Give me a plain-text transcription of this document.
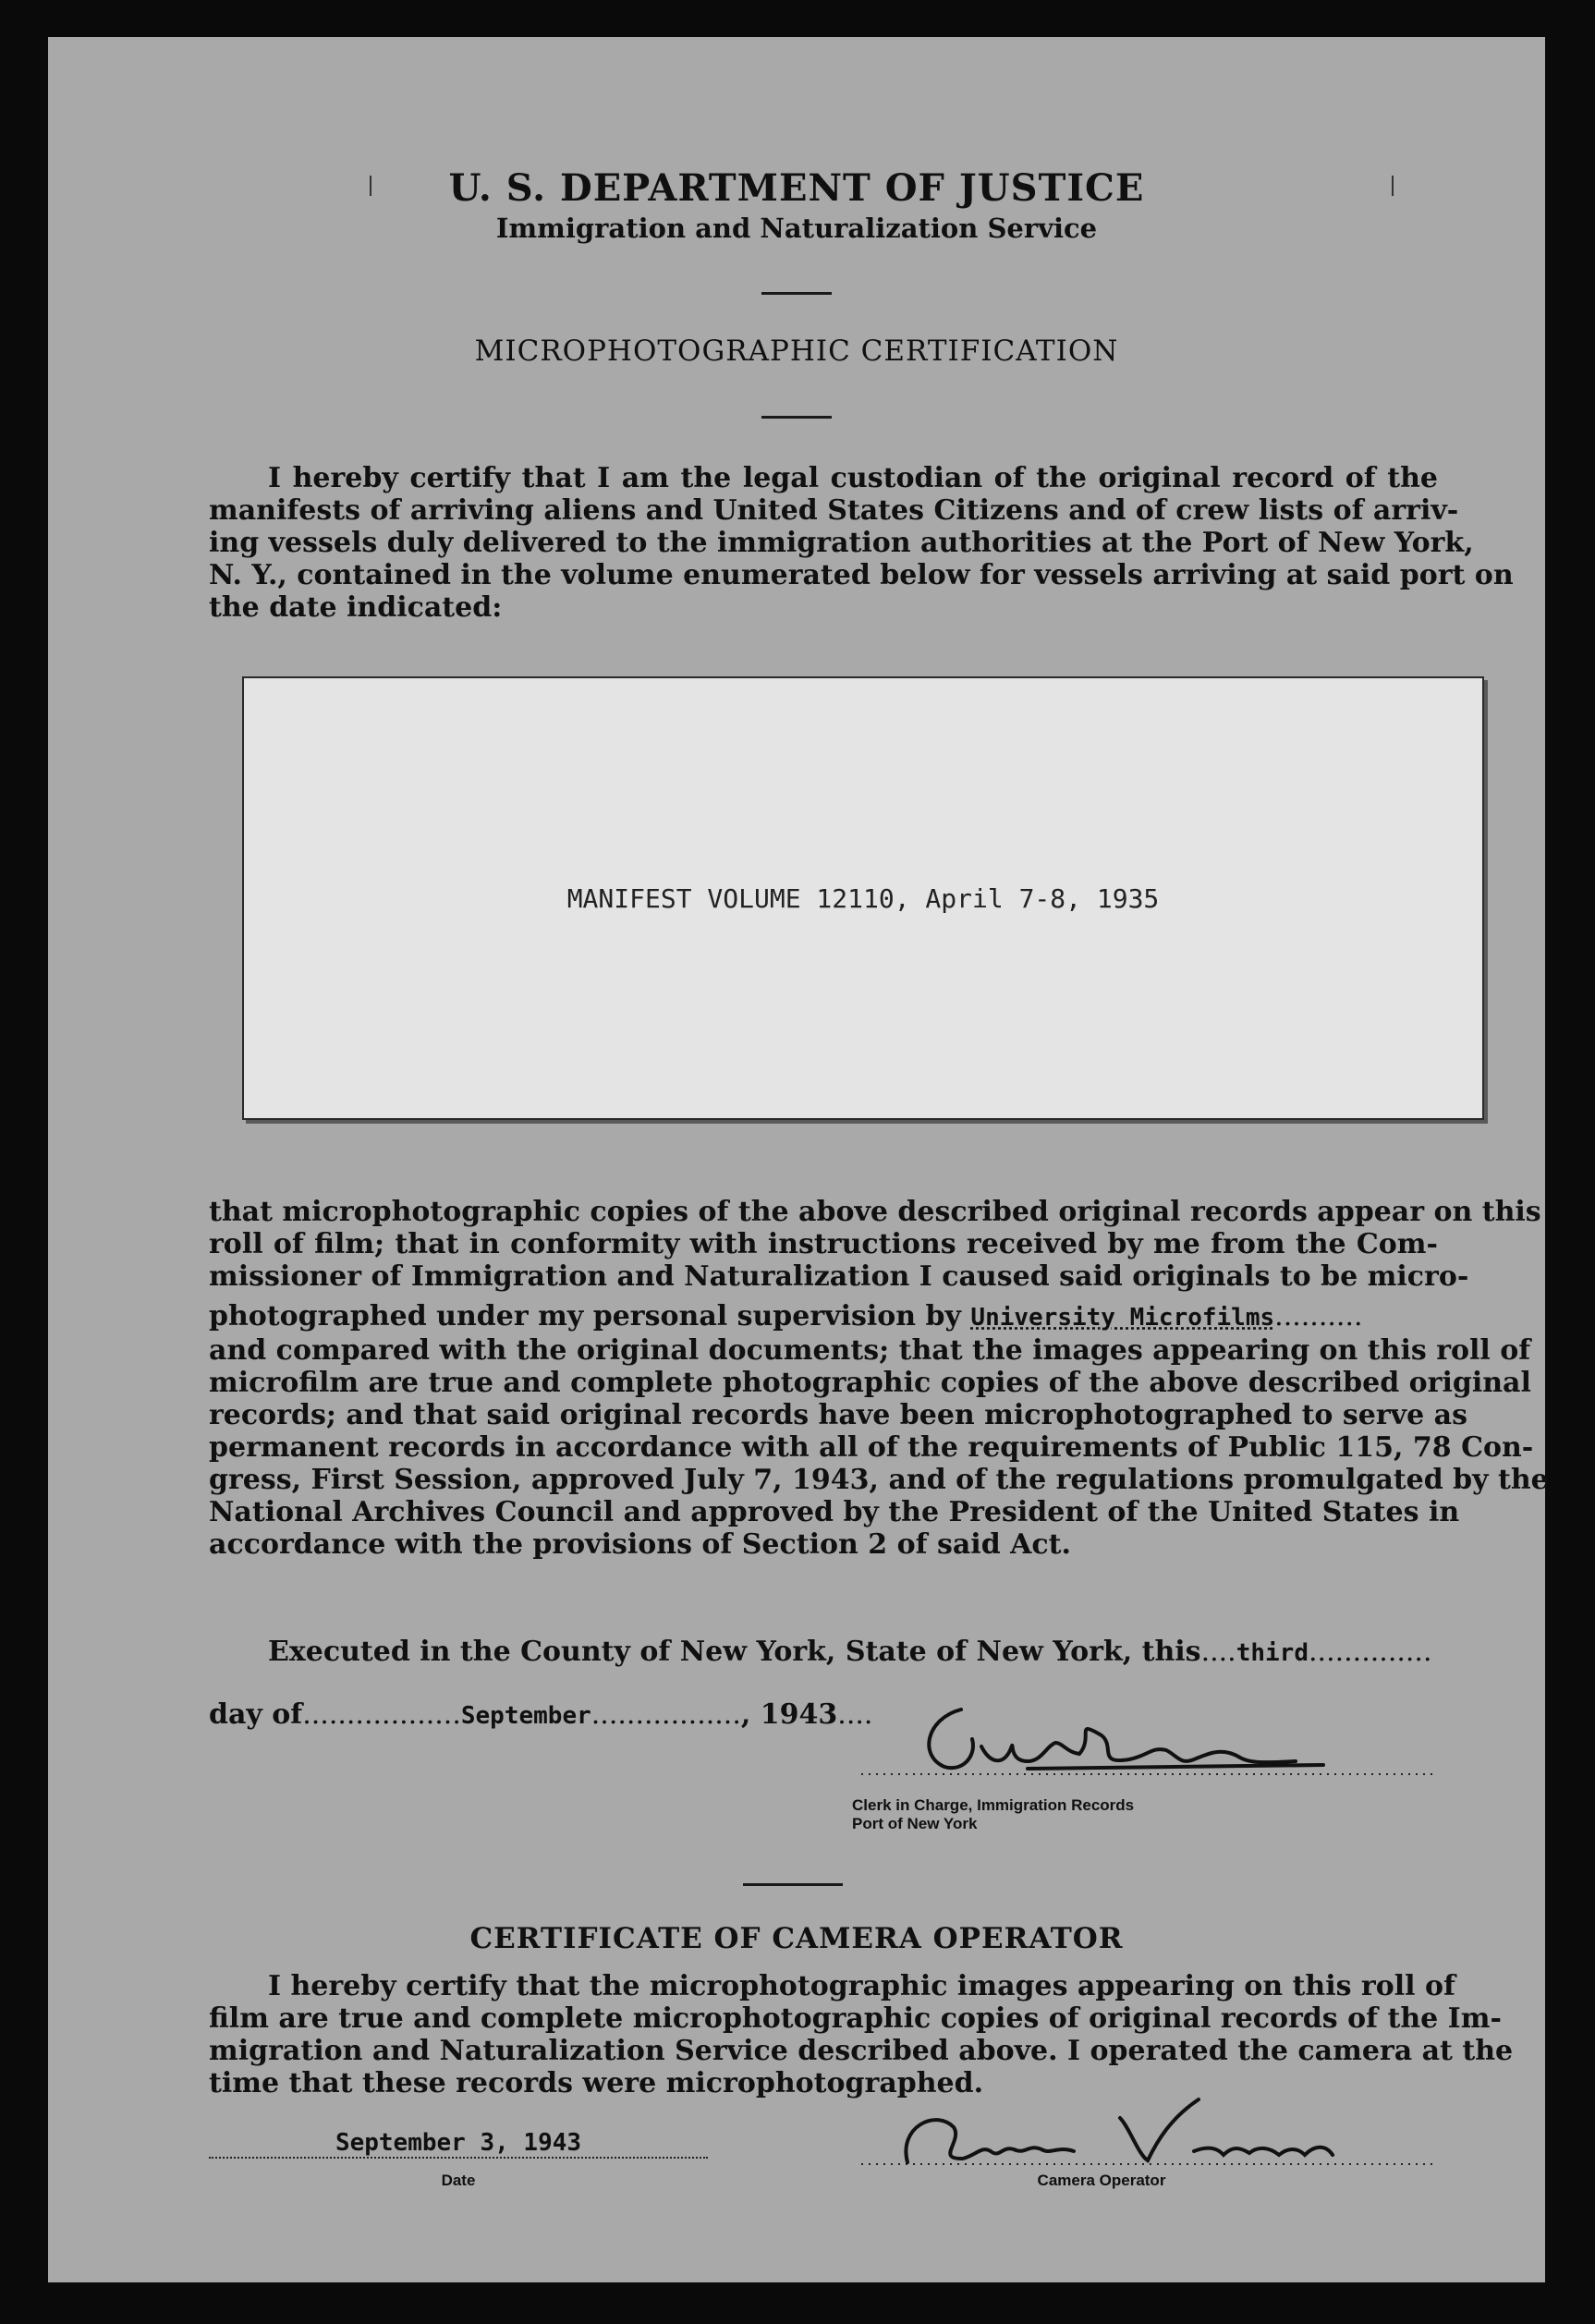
U. S. DEPARTMENT OF JUSTICE
Immigration and Naturalization Service
MICROPHOTOGRAPHIC CERTIFICATION
I hereby certify that I am the legal custodian of the original record of the
manifests of arriving aliens and United States Citizens and of crew lists of arriv-
ing vessels duly delivered to the immigration authorities at the Port of New York,
N. Y., contained in the volume enumerated below for vessels arriving at said port on
the date indicated:
MANIFEST VOLUME 12110, April 7-8, 1935
that microphotographic copies of the above described original records appear on this
roll of film; that in conformity with instructions received by me from the Com-
missioner of Immigration and Naturalization I caused said originals to be micro-
photographed under my personal supervision by University Microfilms..........
and compared with the original documents; that the images appearing on this roll of
microfilm are true and complete photographic copies of the above described original
records; and that said original records have been microphotographed to serve as
permanent records in accordance with all of the requirements of Public 115, 78 Con-
gress, First Session, approved July 7, 1943, and of the regulations promulgated by the
National Archives Council and approved by the President of the United States in
accordance with the provisions of Section 2 of said Act.
Executed in the County of New York, State of New York, this....third..............
day of..................September................., 1943....
Clerk in Charge, Immigration Records
Port of New York
CERTIFICATE OF CAMERA OPERATOR
I hereby certify that the microphotographic images appearing on this roll of
film are true and complete microphotographic copies of original records of the Im-
migration and Naturalization Service described above. I operated the camera at the
time that these records were microphotographed.
September 3, 1943
Date	Camera Operator
